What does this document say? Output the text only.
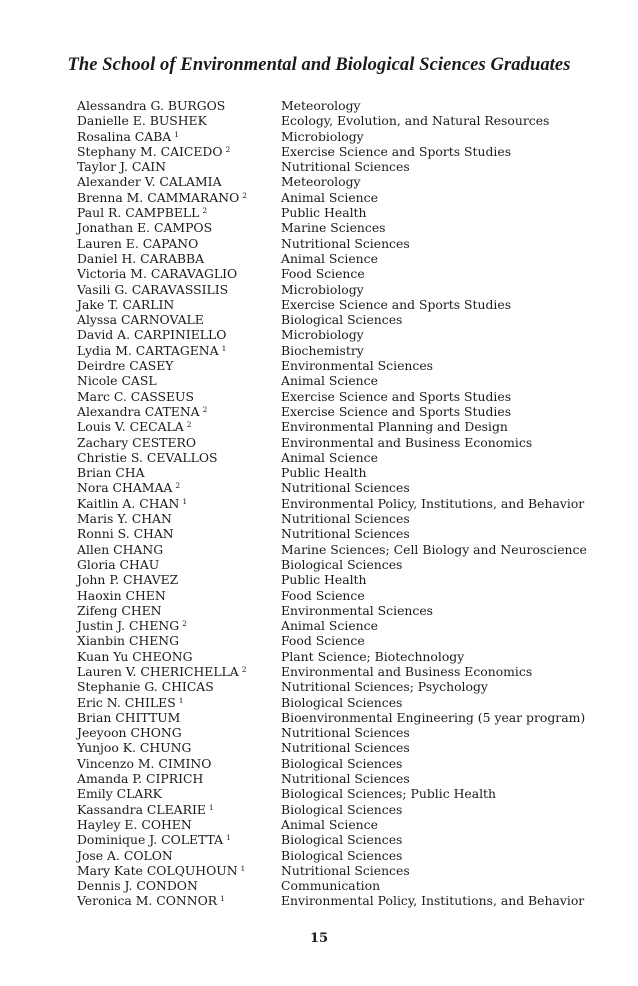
The School of Environmental and Biological Sciences Graduates
Alessandra G. BURGOS	Meteorology
Danielle E. BUSHEK	Ecology, Evolution, and Natural Resources
Rosalina CABA $^1$	Microbiology
Stephany M. CAICEDO $^2$	Exercise Science and Sports Studies
Taylor J. CAIN	Nutritional Sciences
Alexander V. CALAMIA	Meteorology
Brenna M. CAMMARANO $^2$	Animal Science
Paul R. CAMPBELL $^2$	Public Health
Jonathan E. CAMPOS	Marine Sciences
Lauren E. CAPANO	Nutritional Sciences
Daniel H. CARABBA	Animal Science
Victoria M. CARAVAGLIO	Food Science
Vasili G. CARAVASSILIS	Microbiology
Jake T. CARLIN	Exercise Science and Sports Studies
Alyssa CARNOVALE	Biological Sciences
David A. CARPINIELLO	Microbiology
Lydia M. CARTAGENA $^1$	Biochemistry
Deirdre CASEY	Environmental Sciences
Nicole CASL	Animal Science
Marc C. CASSEUS	Exercise Science and Sports Studies
Alexandra CATENA $^2$	Exercise Science and Sports Studies
Louis V. CECALA $^2$	Environmental Planning and Design
Zachary CESTERO	Environmental and Business Economics
Christie S. CEVALLOS	Animal Science
Brian CHA	Public Health
Nora CHAMAA $^2$	Nutritional Sciences
Kaitlin A. CHAN $^1$	Environmental Policy, Institutions, and Behavior
Maris Y. CHAN	Nutritional Sciences
Ronni S. CHAN	Nutritional Sciences
Allen CHANG	Marine Sciences; Cell Biology and Neuroscience
Gloria CHAU	Biological Sciences
John P. CHAVEZ	Public Health
Haoxin CHEN	Food Science
Zifeng CHEN	Environmental Sciences
Justin J. CHENG $^2$	Animal Science
Xianbin CHENG	Food Science
Kuan Yu CHEONG	Plant Science; Biotechnology
Lauren V. CHERICHELLA $^2$	Environmental and Business Economics
Stephanie G. CHICAS	Nutritional Sciences; Psychology
Eric N. CHILES $^1$	Biological Sciences
Brian CHITTUM	Bioenvironmental Engineering (5 year program)
Jeeyoon CHONG	Nutritional Sciences
Yunjoo K. CHUNG	Nutritional Sciences
Vincenzo M. CIMINO	Biological Sciences
Amanda P. CIPRICH	Nutritional Sciences
Emily CLARK	Biological Sciences; Public Health
Kassandra CLEARIE $^1$	Biological Sciences
Hayley E. COHEN	Animal Science
Dominique J. COLETTA $^1$	Biological Sciences
Jose A. COLON	Biological Sciences
Mary Kate COLQUHOUN $^1$	Nutritional Sciences
Dennis J. CONDON	Communication
Veronica M. CONNOR $^1$	Environmental Policy, Institutions, and Behavior
15
